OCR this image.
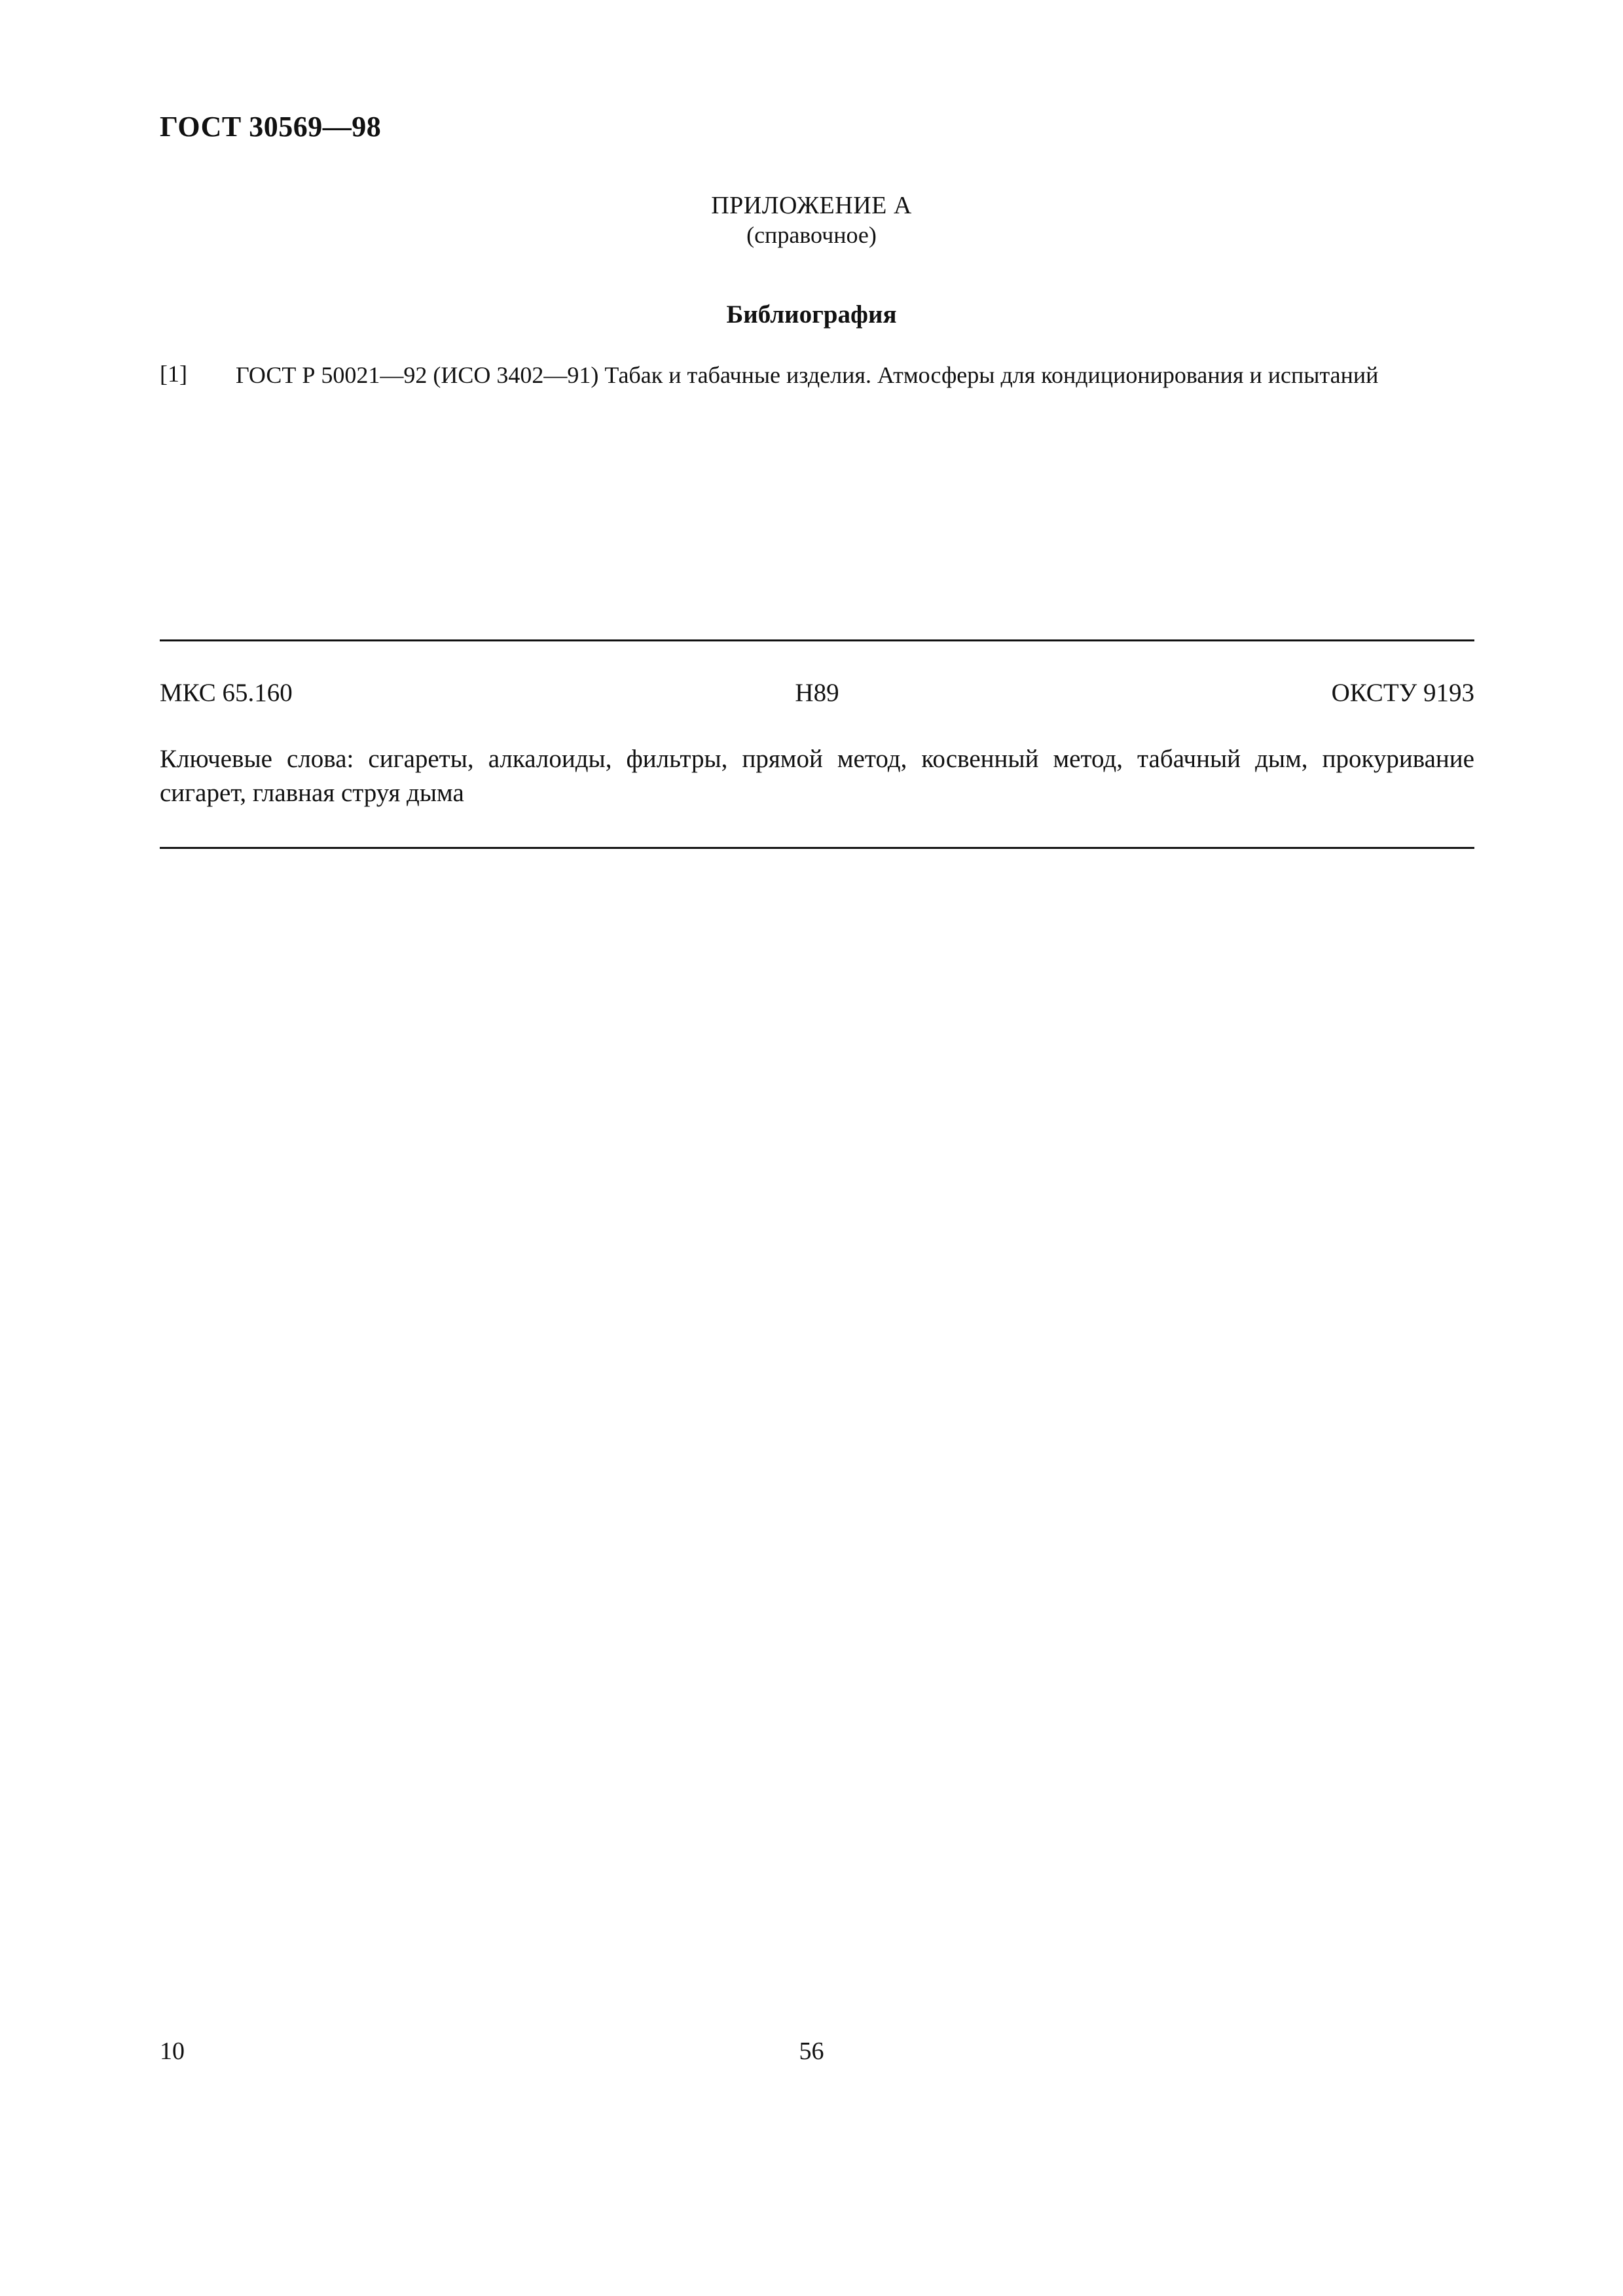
ГОСТ 30569—98
ПРИЛОЖЕНИЕ А
(справочное)
Библиография
[1] ГОСТ Р 50021—92 (ИСО 3402—91) Табак и табачные изделия. Атмосферы для кондиционирования и испытаний
МКС 65.160	Н89	ОКСТУ 9193
Ключевые слова: сигареты, алкалоиды, фильтры, прямой метод, косвенный метод, табачный дым, прокуривание сигарет, главная струя дыма
10	56
